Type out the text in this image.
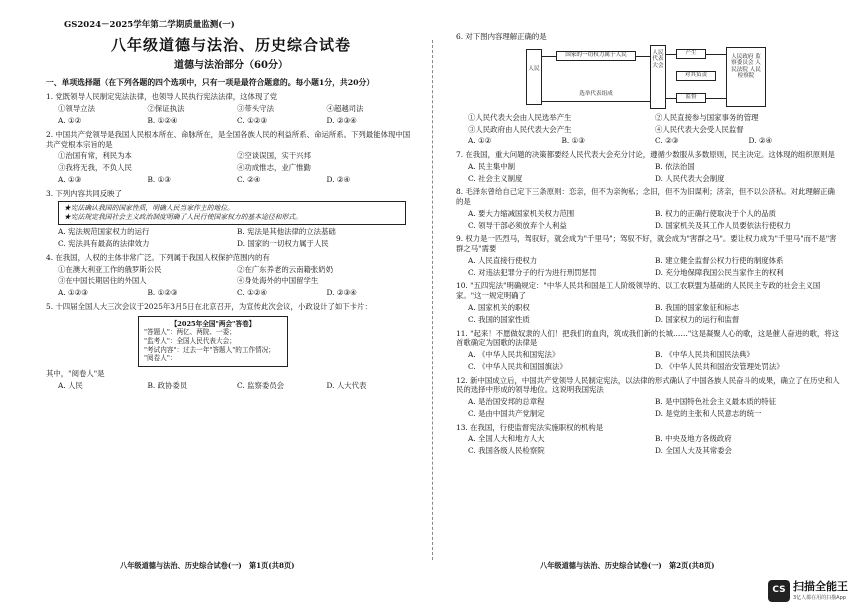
GS2024－2025学年第二学期质量监测(一)
八年级道德与法治、历史综合试卷
道德与法治部分（60分）
一、单项选择题（在下列各题的四个选项中，只有一项是最符合题意的。每小题1分，共20分）
1. 党既领导人民制定宪法法律，也领导人民执行宪法法律，这体现了党
①领导立法	②保证执法	③带头守法	④超越司法
A. ①②	B. ①②④	C. ①②③	D. ②③④
2. 中国共产党领导是我国人民根本所在、命脉所在，是全国各族人民的利益所系、命运所系。下列最能体现中国共产党根本宗旨的是
①治国有常，利民为本	②空谈误国，实干兴邦
③我将无我，不负人民	④功成惟志，业广惟勤
A. ①③	B. ①③	C. ②④	D. ②④
3. 下列内容共同反映了
★宪法确认我国的国家性质，明确人民当家作主的地位。
★宪法规定我国社会主义政治制度明确了人民行使国家权力的基本途径和形式。
A. 宪法规范国家权力的运行	B. 宪法是其他法律的立法基础
C. 宪法具有最高的法律效力	D. 国家的一切权力属于人民
4. 在我国，人权的主体非常广泛。下列属于我国人权保护范围内的有
①在澳大利亚工作的俄罗斯公民	②在广东养老的云南籍张奶奶
③在中国长期居住的外国人	④身处海外的中国留学生
A. ①②③	B. ①②③	C. ①②④	D. ②③④
5. 十四届全国人大三次会议于2025年3月5日在北京召开，为宣传此次会议，小政设计了如下卡片：
【2025年全国"两会"答卷】
"答题人"：两亿、两院、一委；
"监考人"：全国人民代表大会；
"考试内容"：过去一年"答题人"的工作情况；
"阅卷人"：
其中，"阅卷人"是
A. 人民	B. 政协委员	C. 监察委员会	D. 人大代表
八年级道德与法治、历史综合试卷(一)　第1页(共8页)
6. 对下图内容理解正确的是
人民
国家的一切权力属于人民
选举代表组成
人民代表大会
产生
对其负责
监督
人民政府 监察委员会 人民法院 人民检察院
①人民代表大会由人民选举产生	②人民直接参与国家事务的管理
③人民政府由人民代表大会产生	④人民代表大会受人民监督
A. ①②	B. ①③	C. ②③	D. ②④
7. 在我国，重大问题的决策都要经人民代表大会充分讨论，遵循少数服从多数原则，民主决定。这体现的组织原则是
A. 民主集中制	B. 依法治国
C. 社会主义制度	D. 人民代表大会制度
8. 毛泽东曾给自己定下三条原则：恋亲，但不为亲徇私；念旧，但不为旧谋利；济亲，但不以公济私。对此理解正确的是
A. 要大力缩减国家机关权力范围	B. 权力的正确行使取决于个人的品质
C. 领导干部必须放弃个人利益	D. 国家机关及其工作人员要依法行使权力
9. 权力是一匹烈马，驾驭好，就会成为"千里马"；驾驭不好，就会成为"害群之马"。要让权力成为"千里马"而不是"害群之马"需要
A. 人民直接行使权力	B. 建立健全监督公权力行使的制度体系
C. 对违法犯罪分子的行为进行刑罚惩罚	D. 充分地保障我国公民当家作主的权利
10. "五四宪法"明确规定："中华人民共和国是工人阶级领导的、以工农联盟为基础的人民民主专政的社会主义国家。"这一规定明确了
A. 国家机关的职权	B. 我国的国家象征和标志
C. 我国的国家性质	D. 国家权力的运行和监督
11. "起来！不愿做奴隶的人们！把我们的血肉，筑成我们新的长城……"这是凝聚人心的歌，这是催人奋进的歌，将这首歌确定为国歌的法律是
A. 《中华人民共和国宪法》	B. 《中华人民共和国民法典》
C. 《中华人民共和国国旗法》	D. 《中华人民共和国治安管理处罚法》
12. 新中国成立后，中国共产党领导人民制定宪法，以法律的形式确认了中国各族人民奋斗的成果，确立了在历史和人民的选择中形成的领导地位。这说明我国宪法
A. 是治国安邦的总章程	B. 是中国特色社会主义最本质的特征
C. 是由中国共产党制定	D. 是党的主张和人民意志的统一
13. 在我国，行使监督宪法实施职权的机构是
A. 全国人大和地方人大	B. 中央及地方各级政府
C. 我国各级人民检察院	D. 全国人大及其常委会
八年级道德与法治、历史综合试卷(一)　第2页(共8页)
CS 扫描全能王
3亿人都在用的扫描App
